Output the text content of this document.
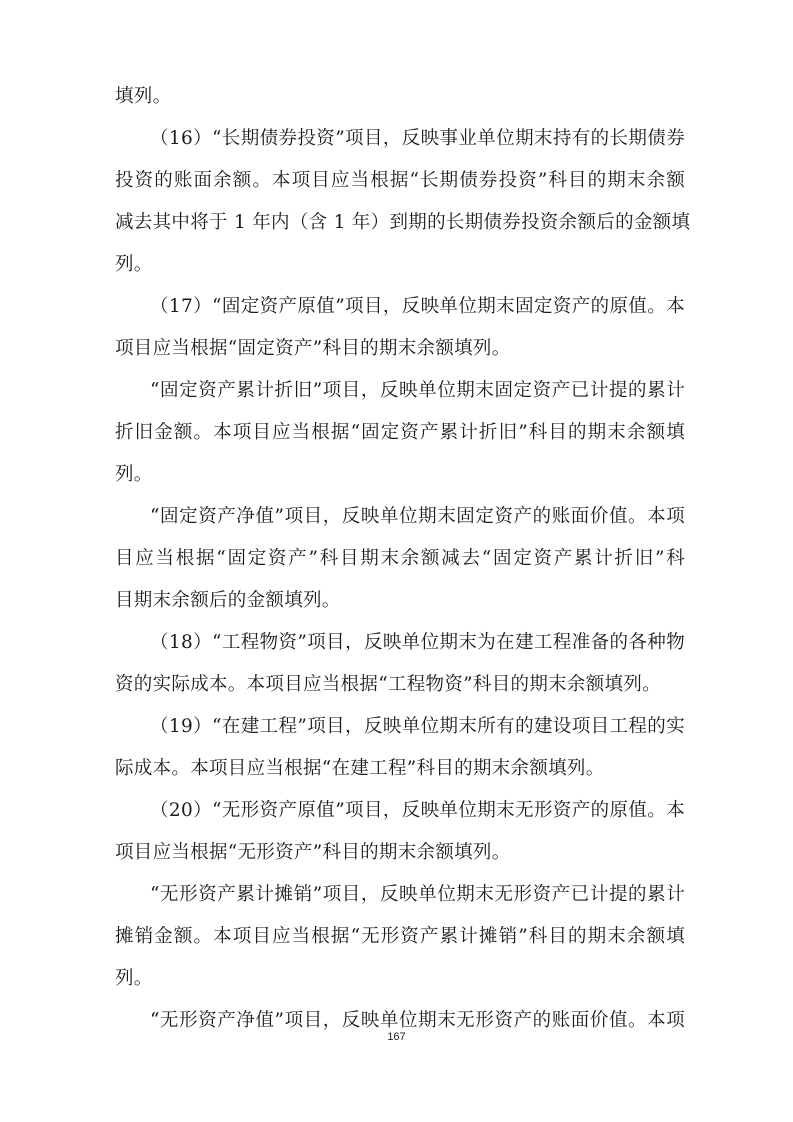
填列。
（16）“长期债券投资”项目，反映事业单位期末持有的长期债券
投资的账面余额。本项目应当根据“长期债券投资”科目的期末余额
减去其中将于 1 年内（含 1 年）到期的长期债券投资余额后的金额填
列。
（17）“固定资产原值”项目，反映单位期末固定资产的原值。本
项目应当根据“固定资产”科目的期末余额填列。
“固定资产累计折旧”项目，反映单位期末固定资产已计提的累计
折旧金额。本项目应当根据“固定资产累计折旧”科目的期末余额填
列。
“固定资产净值”项目，反映单位期末固定资产的账面价值。本项
目应当根据“固定资产”科目期末余额减去“固定资产累计折旧”科
目期末余额后的金额填列。
（18）“工程物资”项目，反映单位期末为在建工程准备的各种物
资的实际成本。本项目应当根据“工程物资”科目的期末余额填列。
（19）“在建工程”项目，反映单位期末所有的建设项目工程的实
际成本。本项目应当根据“在建工程”科目的期末余额填列。
（20）“无形资产原值”项目，反映单位期末无形资产的原值。本
项目应当根据“无形资产”科目的期末余额填列。
“无形资产累计摊销”项目，反映单位期末无形资产已计提的累计
摊销金额。本项目应当根据“无形资产累计摊销”科目的期末余额填
列。
“无形资产净值”项目，反映单位期末无形资产的账面价值。本项
167
